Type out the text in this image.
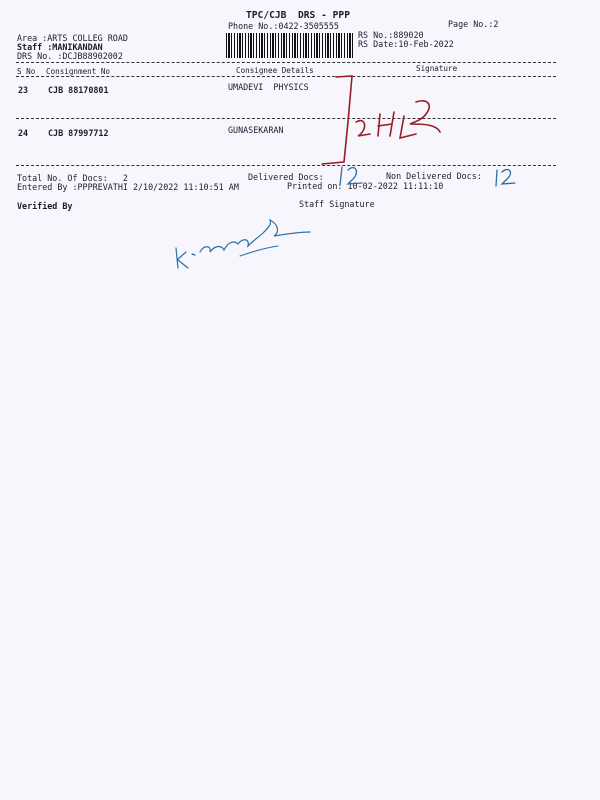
TPC/CJB  DRS - PPP
Phone No.:0422-3505555	Page No.:2
Area :ARTS COLLEG ROAD
Staff :MANIKANDAN
DRS No. :DCJB88902002
RS No.:889020
RS Date:10-Feb-2022
S No Consignment No	Consignee Details	Signature
23 CJB 88170801	UMADEVI  PHYSICS
24 CJB 87997712	GUNASEKARAN
Total No. Of Docs:   2	Delivered Docs:	Non Delivered Docs:
Entered By :PPPREVATHI 2/10/2022 11:10:51 AM	Printed on: 10-02-2022 11:11:10
Verified By	Staff Signature
